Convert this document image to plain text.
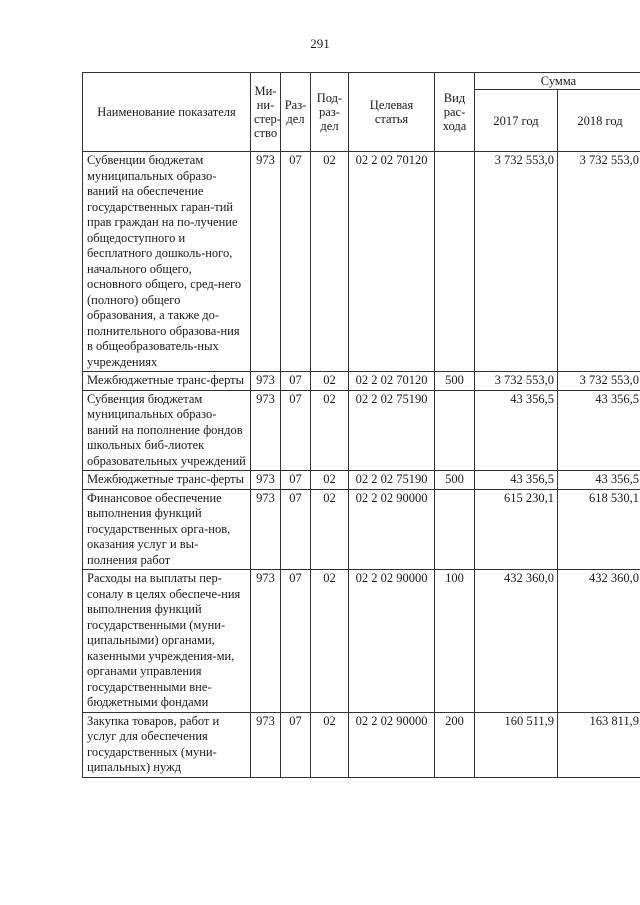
291
Наименование показателя	Ми-
ни-
стер-
ство	Раз-
дел	Под-
раз-
дел	Целевая
статья	Вид
рас-
хода	Сумма	
						2017 год	2018 год
Субвенции бюджетам муниципальных образо-ваний на обеспечение государственных гаран-тий прав граждан на по-лучение общедоступного и бесплатного дошколь-ного, начального общего, основного общего, сред-него (полного) общего образования, а также до-полнительного образова-ния в общеобразователь-ных учреждениях	973	07	02	02 2 02 70120		3 732 553,0	3 732 553,0
Межбюджетные транс-ферты	973	07	02	02 2 02 70120	500	3 732 553,0	3 732 553,0
Субвенция бюджетам муниципальных образо-ваний на пополнение фондов школьных биб-лиотек образовательных учреждений	973	07	02	02 2 02 75190		43 356,5	43 356,5
Межбюджетные транс-ферты	973	07	02	02 2 02 75190	500	43 356,5	43 356,5
Финансовое обеспечение выполнения функций государственных орга-нов, оказания услуг и вы-полнения работ	973	07	02	02 2 02 90000		615 230,1	618 530,1
Расходы на выплаты пер-соналу в целях обеспече-ния выполнения функций государственными (муни-ципальными) органами, казенными учреждения-ми, органами управления государственными вне-бюджетными фондами	973	07	02	02 2 02 90000	100	432 360,0	432 360,0
Закупка товаров, работ и услуг для обеспечения государственных (муни-ципальных) нужд	973	07	02	02 2 02 90000	200	160 511,9	163 811,9
